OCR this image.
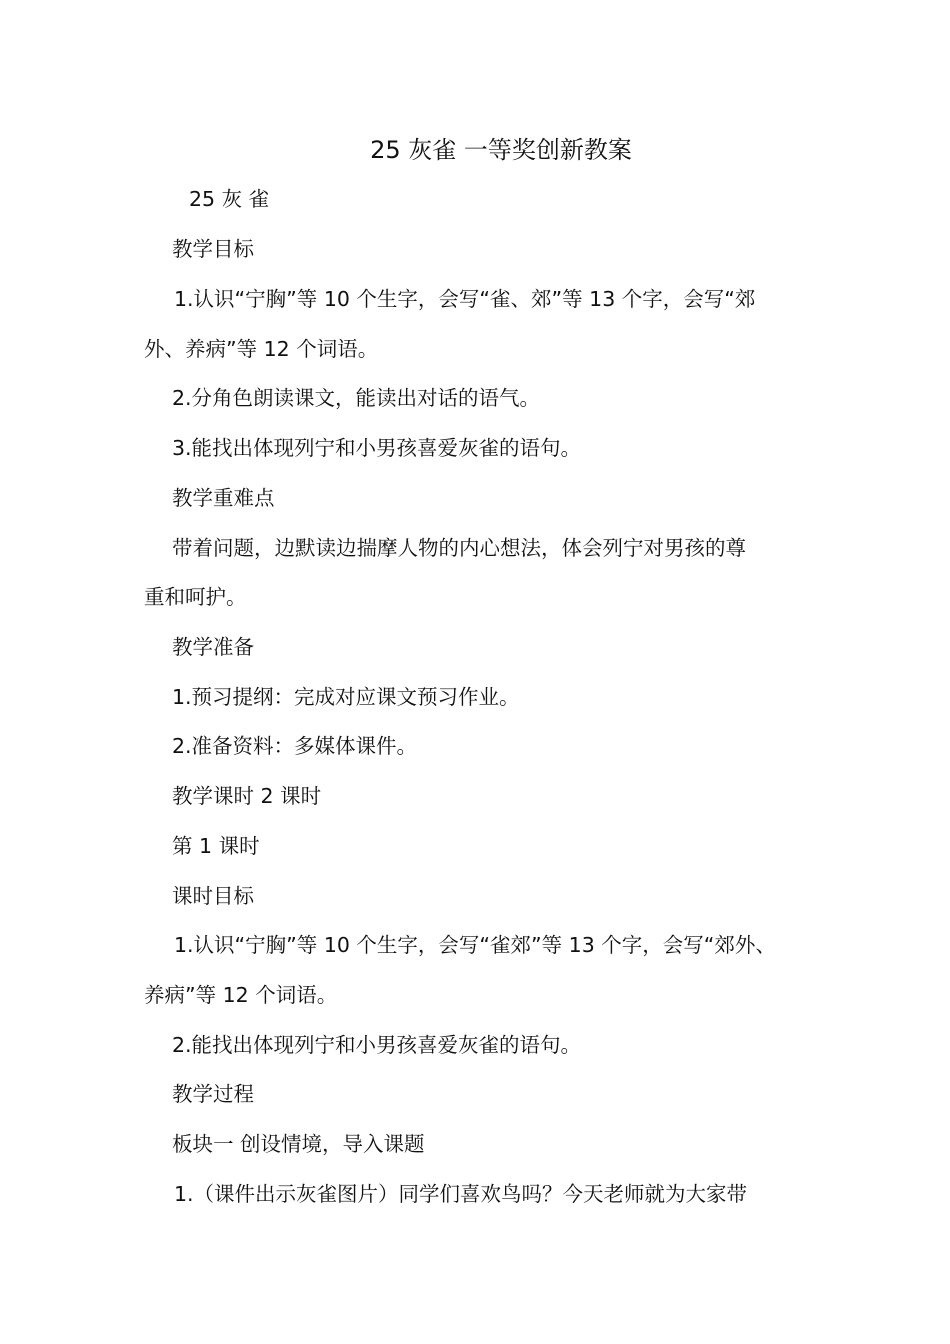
25 灰雀 一等奖创新教案
25 灰 雀
教学目标
1.认识“宁胸”等 10 个生字，会写“雀、郊”等 13 个字，会写“郊
外、养病”等 12 个词语。
2.分角色朗读课文，能读出对话的语气。
3.能找出体现列宁和小男孩喜爱灰雀的语句。
教学重难点
带着问题，边默读边揣摩人物的内心想法，体会列宁对男孩的尊
重和呵护。
教学准备
1.预习提纲：完成对应课文预习作业。
2.准备资料：多媒体课件。
教学课时 2 课时
第 1 课时
课时目标
1.认识“宁胸”等 10 个生字，会写“雀郊”等 13 个字，会写“郊外、
养病”等 12 个词语。
2.能找出体现列宁和小男孩喜爱灰雀的语句。
教学过程
板块一 创设情境，导入课题
1.（课件出示灰雀图片）同学们喜欢鸟吗？今天老师就为大家带
